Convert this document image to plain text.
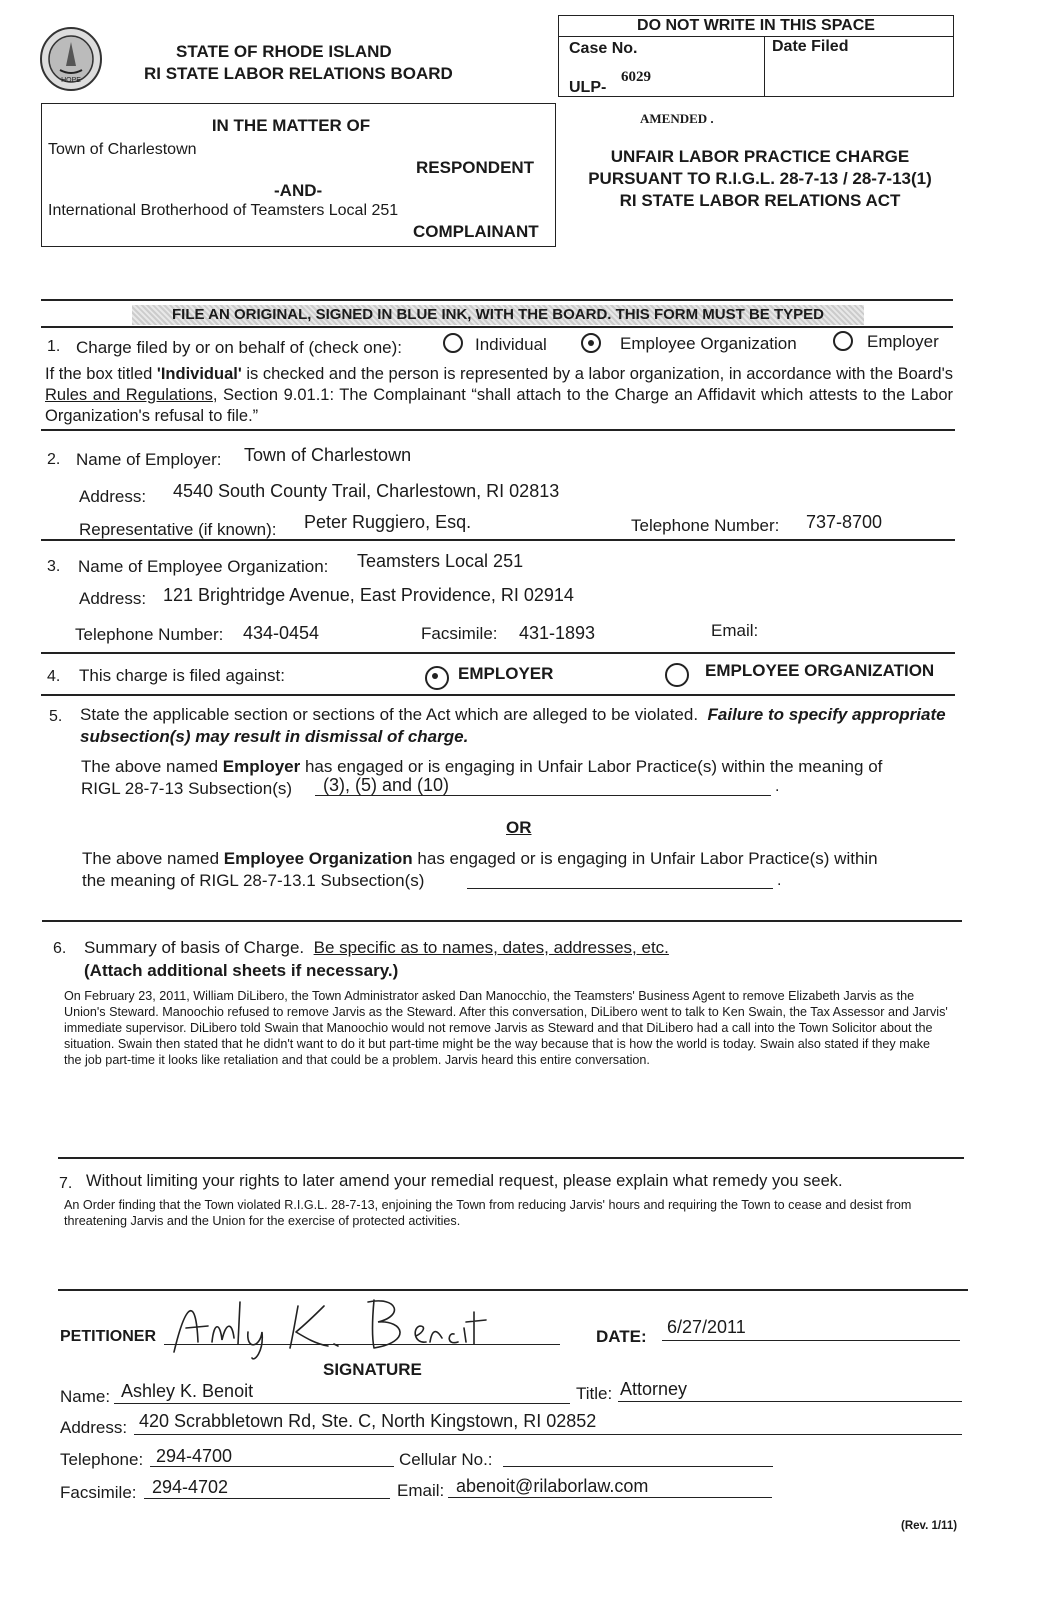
HOPE
STATE OF RHODE ISLAND
RI STATE LABOR RELATIONS BOARD
DO NOT WRITE IN THIS SPACE
Case No.	Date Filed
ULP-
6029
AMENDED .
UNFAIR LABOR PRACTICE CHARGE
PURSUANT TO R.I.G.L. 28-7-13 / 28-7-13(1)
RI STATE LABOR RELATIONS ACT
IN THE MATTER OF
Town of Charlestown
RESPONDENT
-AND-
International Brotherhood of Teamsters Local 251
COMPLAINANT
FILE AN ORIGINAL, SIGNED IN BLUE INK, WITH THE BOARD. THIS FORM MUST BE TYPED
1. Charge filed by or on behalf of (check one):	Individual	Employee Organization	Employer
If the box titled 'Individual' is checked and the person is represented by a labor organization, in accordance with the Board's Rules and Regulations, Section 9.01.1: The Complainant “shall attach to the Charge an Affidavit which attests to the Labor Organization's refusal to file.”
2. Name of Employer: Town of Charlestown
Address: 4540 South County Trail, Charlestown, RI 02813
Representative (if known): Peter Ruggiero, Esq.	Telephone Number: 737-8700
3. Name of Employee Organization: Teamsters Local 251
Address: 121 Brightridge Avenue, East Providence, RI 02914
Telephone Number: 434-0454	Facsimile: 431-1893	Email:
4. This charge is filed against:	EMPLOYER	EMPLOYEE ORGANIZATION
5. State the applicable section or sections of the Act which are alleged to be violated. Failure to specify appropriate subsection(s) may result in dismissal of charge.
The above named Employer has engaged or is engaging in Unfair Labor Practice(s) within the meaning of
RIGL 28-7-13 Subsection(s)	(3), (5) and (10)	.
OR
The above named Employee Organization has engaged or is engaging in Unfair Labor Practice(s) within
the meaning of RIGL 28-7-13.1 Subsection(s)	.
6. Summary of basis of Charge. Be specific as to names, dates, addresses, etc.
(Attach additional sheets if necessary.)
On February 23, 2011, William DiLibero, the Town Administrator asked Dan Manocchio, the Teamsters' Business Agent to remove Elizabeth Jarvis as the Union's Steward. Manoochio refused to remove Jarvis as the Steward. After this conversation, DiLibero went to talk to Ken Swain, the Tax Assessor and Jarvis' immediate supervisor. DiLibero told Swain that Manoochio would not remove Jarvis as Steward and that DiLibero had a call into the Town Solicitor about the situation. Swain then stated that he didn't want to do it but part-time might be the way because that is how the world is today. Swain also stated if they make the job part-time it looks like retaliation and that could be a problem. Jarvis heard this entire conversation.
7. Without limiting your rights to later amend your remedial request, please explain what remedy you seek.
An Order finding that the Town violated R.I.G.L. 28-7-13, enjoining the Town from reducing Jarvis' hours and requiring the Town to cease and desist from threatening Jarvis and the Union for the exercise of protected activities.
PETITIONER
SIGNATURE
DATE: 6/27/2011
Name: Ashley K. Benoit	Title: Attorney
Address: 420 Scrabbletown Rd, Ste. C, North Kingstown, RI 02852
Telephone: 294-4700	Cellular No.:
Facsimile: 294-4702	Email: abenoit@rilaborlaw.com
(Rev. 1/11)
